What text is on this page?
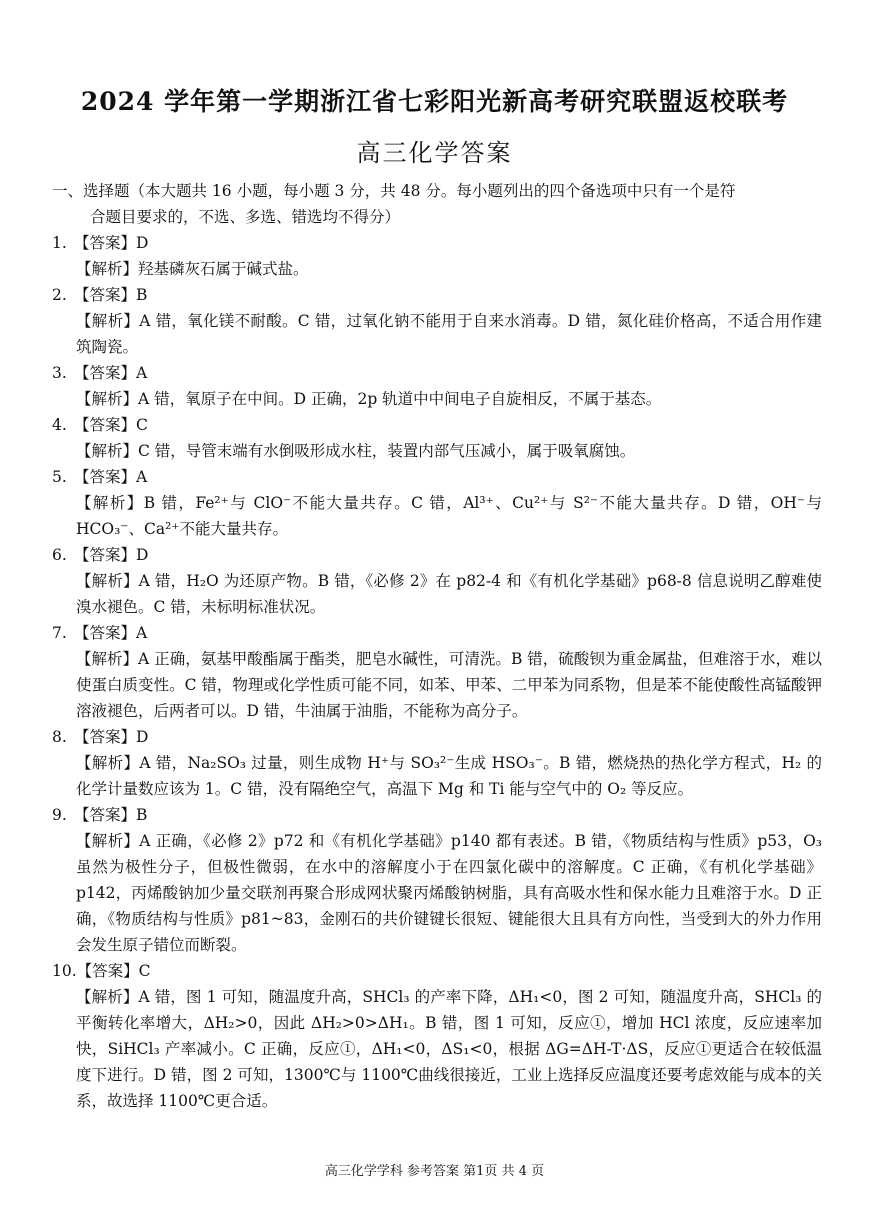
2024 学年第一学期浙江省七彩阳光新高考研究联盟返校联考
高三化学答案
一、选择题（本大题共 16 小题，每小题 3 分，共 48 分。每小题列出的四个备选项中只有一个是符
合题目要求的，不选、多选、错选均不得分）
1. 【答案】D
【解析】羟基磷灰石属于碱式盐。
2. 【答案】B
【解析】A 错，氧化镁不耐酸。C 错，过氧化钠不能用于自来水消毒。D 错，氮化硅价格高，不适合用作建筑陶瓷。
3. 【答案】A
【解析】A 错，氧原子在中间。D 正确，2p 轨道中中间电子自旋相反，不属于基态。
4. 【答案】C
【解析】C 错，导管末端有水倒吸形成水柱，装置内部气压减小，属于吸氧腐蚀。
5. 【答案】A
【解析】B 错，Fe²⁺与 ClO⁻不能大量共存。C 错，Al³⁺、Cu²⁺与 S²⁻不能大量共存。D 错，OH⁻与 HCO₃⁻、Ca²⁺不能大量共存。
6. 【答案】D
【解析】A 错，H₂O 为还原产物。B 错，《必修 2》在 p82-4 和《有机化学基础》p68-8 信息说明乙醇难使溴水褪色。C 错，未标明标准状况。
7. 【答案】A
【解析】A 正确，氨基甲酸酯属于酯类，肥皂水碱性，可清洗。B 错，硫酸钡为重金属盐，但难溶于水，难以使蛋白质变性。C 错，物理或化学性质可能不同，如苯、甲苯、二甲苯为同系物，但是苯不能使酸性高锰酸钾溶液褪色，后两者可以。D 错，牛油属于油脂，不能称为高分子。
8. 【答案】D
【解析】A 错，Na₂SO₃ 过量，则生成物 H⁺与 SO₃²⁻生成 HSO₃⁻。B 错，燃烧热的热化学方程式，H₂ 的化学计量数应该为 1。C 错，没有隔绝空气，高温下 Mg 和 Ti 能与空气中的 O₂ 等反应。
9. 【答案】B
【解析】A 正确，《必修 2》p72 和《有机化学基础》p140 都有表述。B 错，《物质结构与性质》p53，O₃ 虽然为极性分子，但极性微弱，在水中的溶解度小于在四氯化碳中的溶解度。C 正确，《有机化学基础》p142，丙烯酸钠加少量交联剂再聚合形成网状聚丙烯酸钠树脂，具有高吸水性和保水能力且难溶于水。D 正确，《物质结构与性质》p81~83，金刚石的共价键键长很短、键能很大且具有方向性，当受到大的外力作用会发生原子错位而断裂。
10.【答案】C
【解析】A 错，图 1 可知，随温度升高，SHCl₃ 的产率下降，ΔH₁<0，图 2 可知，随温度升高，SHCl₃ 的平衡转化率增大，ΔH₂>0，因此 ΔH₂>0>ΔH₁。B 错，图 1 可知，反应①，增加 HCl 浓度，反应速率加快，SiHCl₃ 产率减小。C 正确，反应①，ΔH₁<0，ΔS₁<0，根据 ΔG=ΔH-T·ΔS，反应①更适合在较低温度下进行。D 错，图 2 可知，1300℃与 1100℃曲线很接近，工业上选择反应温度还要考虑效能与成本的关系，故选择 1100℃更合适。
高三化学学科 参考答案 第1页 共 4 页
